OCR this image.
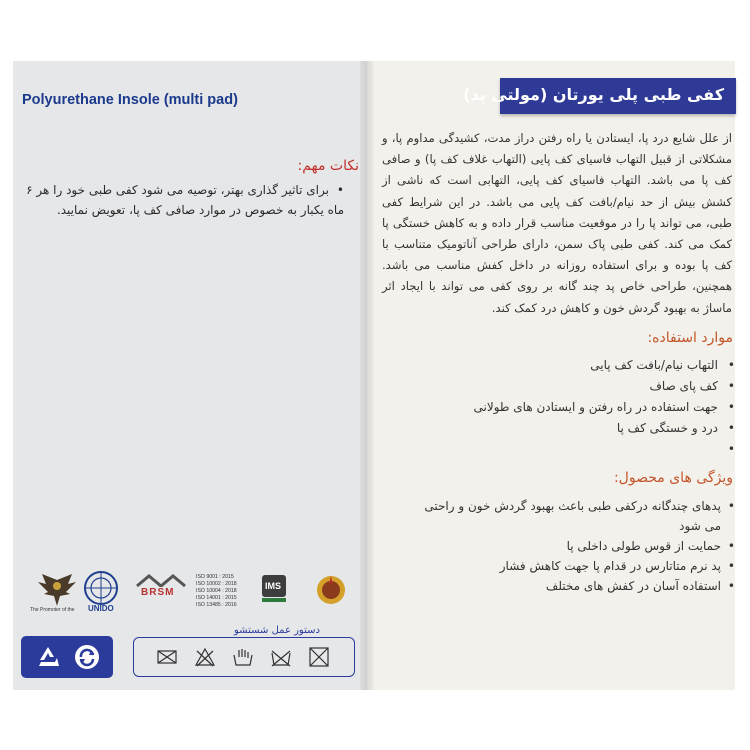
Polyurethane Insole (multi pad)
نکات مهم:
• برای تاثیر گذاری بهتر، توصیه می شود کفی طبی خود را هر ۶ ماه یکبار به خصوص در موارد صافی کف پا، تعویض نمایید.
The Promoter of the UNIDO
BRSM
ISO 9001 : 2015
ISO 10002 : 2018
ISO 10004 : 2018
ISO 14001 : 2015
ISO 13485 : 2016
IMS
دستور عمل شستشو
کفی طبی پلی یورتان (مولتی پد)

از علل شایع درد پا، ایستادن یا راه رفتن دراز مدت، کشیدگی مداوم پا، و مشکلاتی از قبیل التهاب فاسیای کف پایی (التهاب غلاف کف پا) و صافی کف پا می باشد. التهاب فاسیای کف پایی، التهابی است که ناشی از کشش بیش از حد نیام/بافت کف پایی می باشد. در این شرایط کفی طبی، می تواند پا را در موقعیت مناسب قرار داده و به کاهش خستگی پا کمک می کند. کفی طبی پاک سمن، دارای طراحی آناتومیک متناسب با کف پا بوده و برای استفاده روزانه در داخل کفش مناسب می باشد. همچنین، طراحی خاص پد چند گانه بر روی کفی می تواند با ایجاد اثر ماساژ به بهبود گردش خون و کاهش درد کمک کند.

موارد استفاده:
• التهاب نیام/بافت کف پایی
• کف پای صاف
• جهت استفاده در راه رفتن و ایستادن های طولانی
• درد و خستگی کف پا
•
ویژگی های محصول:
• پدهای چندگانه درکفی طبی باعث بهبود گردش خون و راحتی می شود
• حمایت از قوس طولی داخلی پا
• پد نرم متاتارس در قدام پا جهت کاهش فشار
• استفاده آسان در کفش های مختلف
